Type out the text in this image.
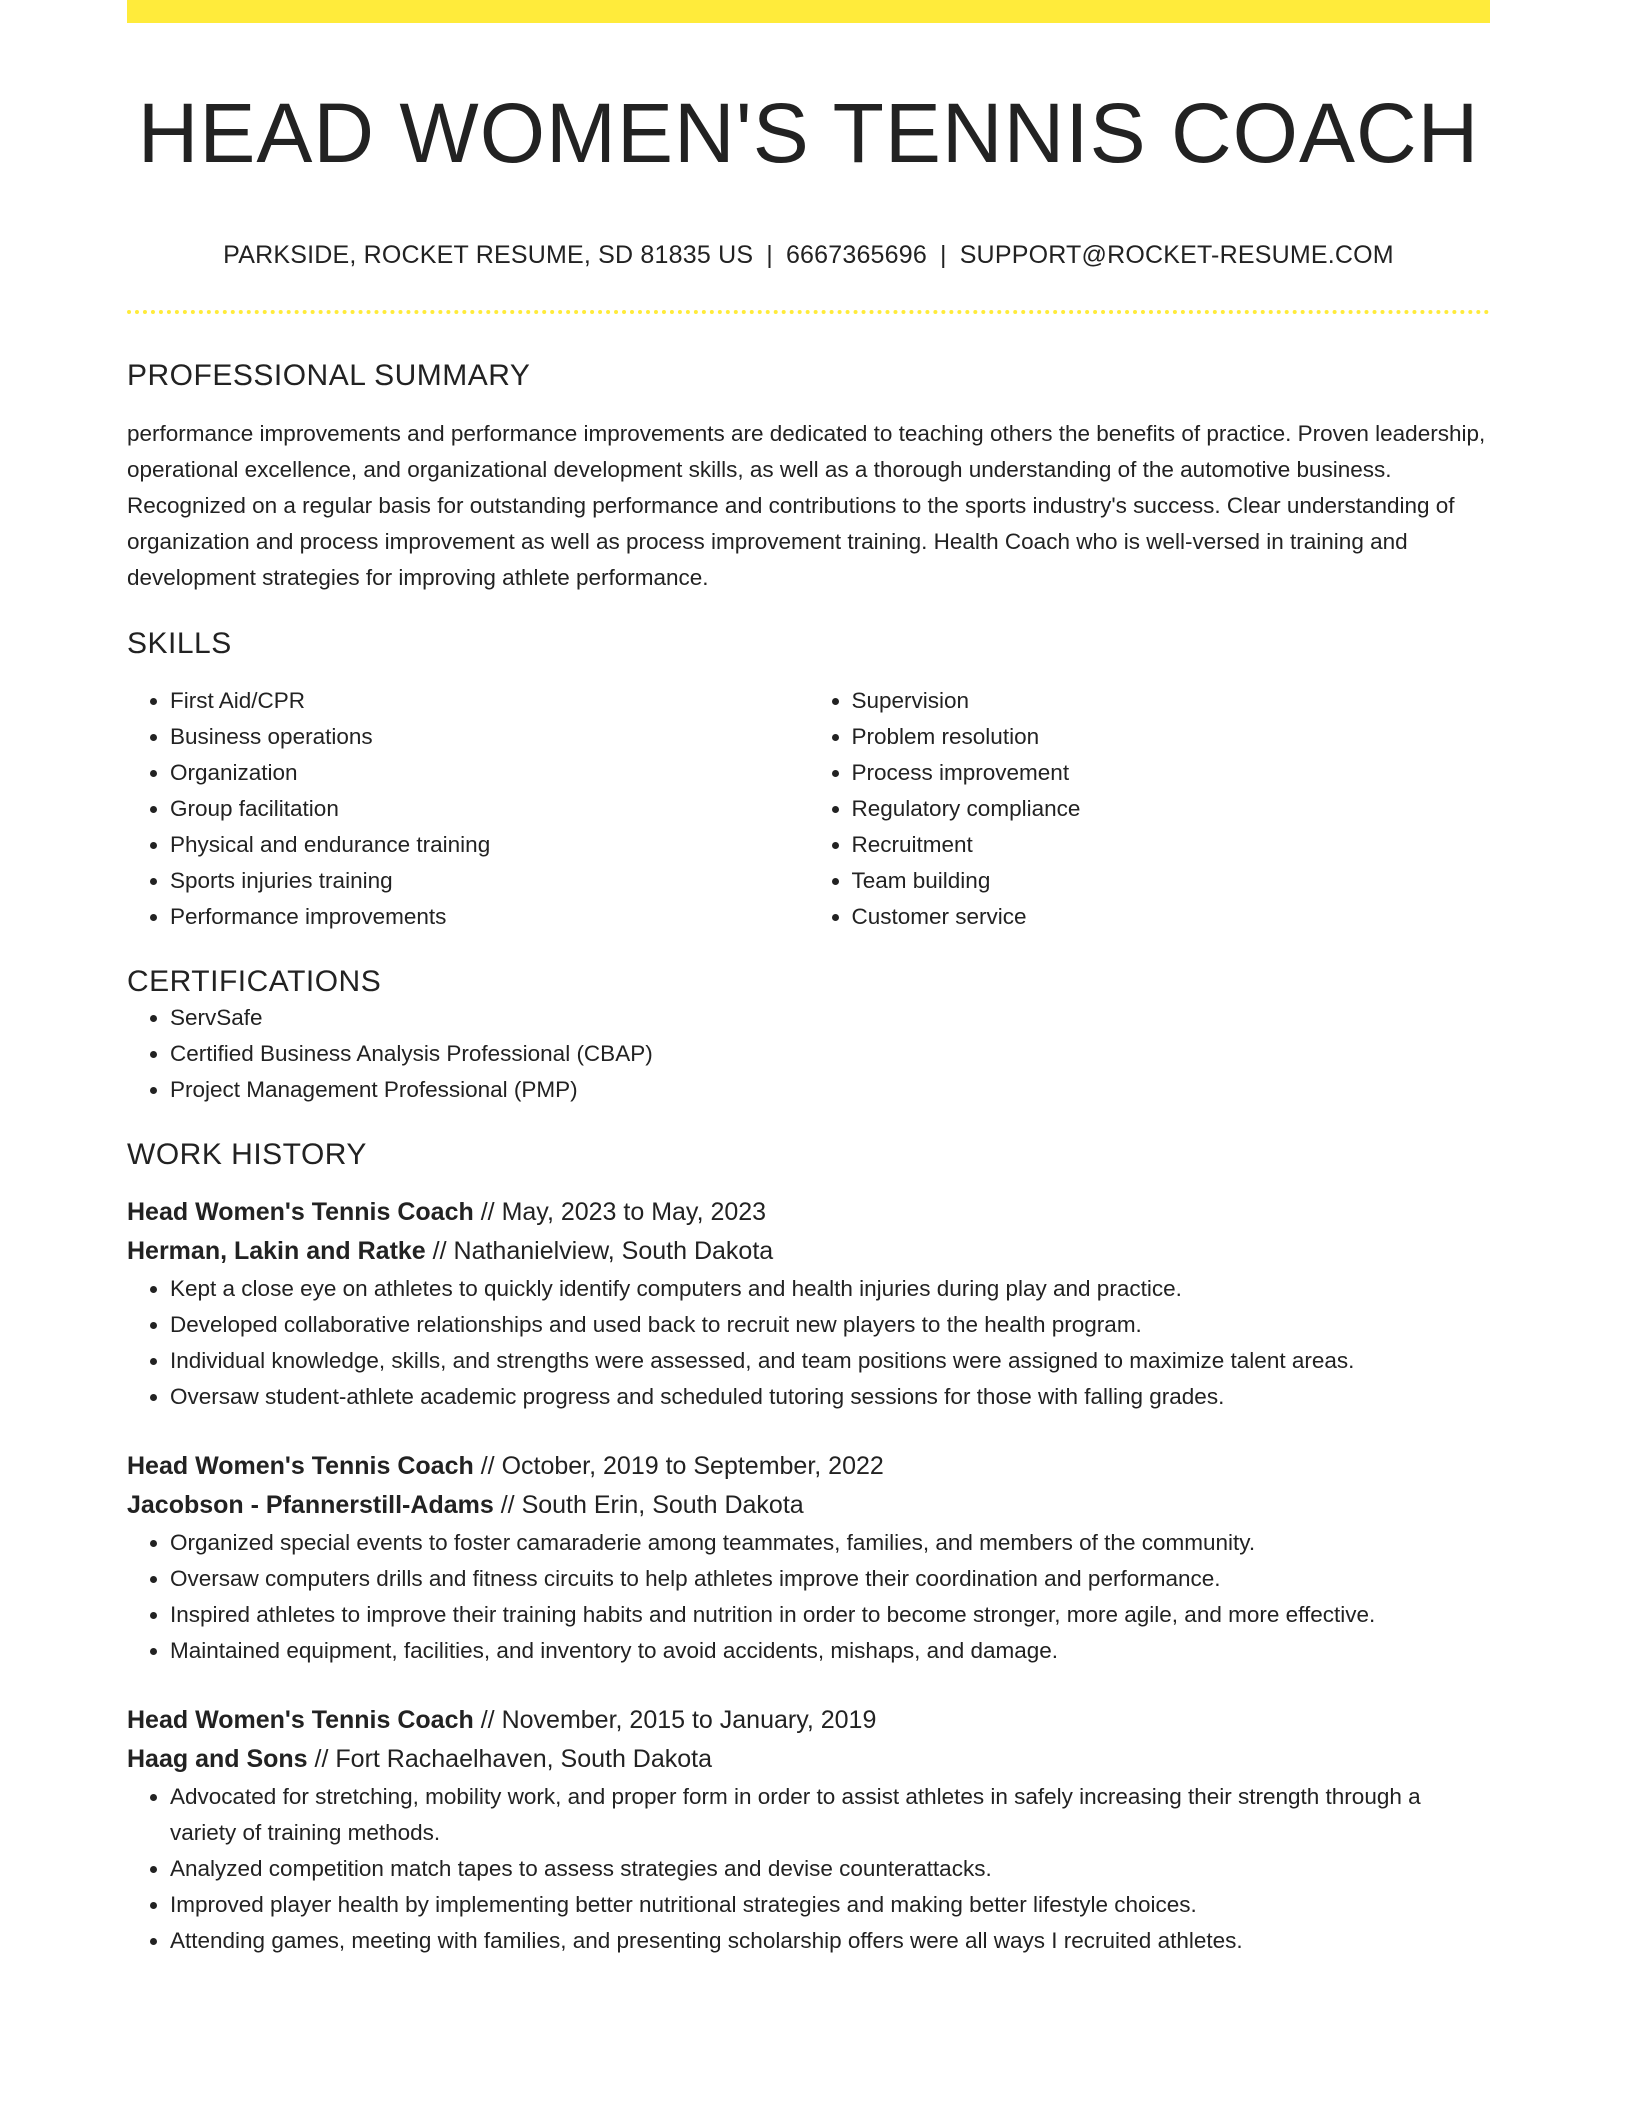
HEAD WOMEN'S TENNIS COACH
PARKSIDE, ROCKET RESUME, SD 81835 US | 6667365696 | SUPPORT@ROCKET-RESUME.COM
PROFESSIONAL SUMMARY

performance improvements and performance improvements are dedicated to teaching others the benefits of practice. Proven leadership, operational excellence, and organizational development skills, as well as a thorough understanding of the automotive business. Recognized on a regular basis for outstanding performance and contributions to the sports industry's success. Clear understanding of organization and process improvement as well as process improvement training. Health Coach who is well-versed in training and development strategies for improving athlete performance.

SKILLS
• First Aid/CPR
• Business operations
• Organization
• Group facilitation
• Physical and endurance training
• Sports injuries training
• Performance improvements
• Supervision
• Problem resolution
• Process improvement
• Regulatory compliance
• Recruitment
• Team building
• Customer service
CERTIFICATIONS
• ServSafe
• Certified Business Analysis Professional (CBAP)
• Project Management Professional (PMP)
WORK HISTORY
Head Women's Tennis Coach // May, 2023 to May, 2023
Herman, Lakin and Ratke // Nathanielview, South Dakota
• Kept a close eye on athletes to quickly identify computers and health injuries during play and practice.
• Developed collaborative relationships and used back to recruit new players to the health program.
• Individual knowledge, skills, and strengths were assessed, and team positions were assigned to maximize talent areas.
• Oversaw student-athlete academic progress and scheduled tutoring sessions for those with falling grades.
Head Women's Tennis Coach // October, 2019 to September, 2022
Jacobson - Pfannerstill-Adams // South Erin, South Dakota
• Organized special events to foster camaraderie among teammates, families, and members of the community.
• Oversaw computers drills and fitness circuits to help athletes improve their coordination and performance.
• Inspired athletes to improve their training habits and nutrition in order to become stronger, more agile, and more effective.
• Maintained equipment, facilities, and inventory to avoid accidents, mishaps, and damage.
Head Women's Tennis Coach // November, 2015 to January, 2019
Haag and Sons // Fort Rachaelhaven, South Dakota
• Advocated for stretching, mobility work, and proper form in order to assist athletes in safely increasing their strength through a variety of training methods.
• Analyzed competition match tapes to assess strategies and devise counterattacks.
• Improved player health by implementing better nutritional strategies and making better lifestyle choices.
• Attending games, meeting with families, and presenting scholarship offers were all ways I recruited athletes.
